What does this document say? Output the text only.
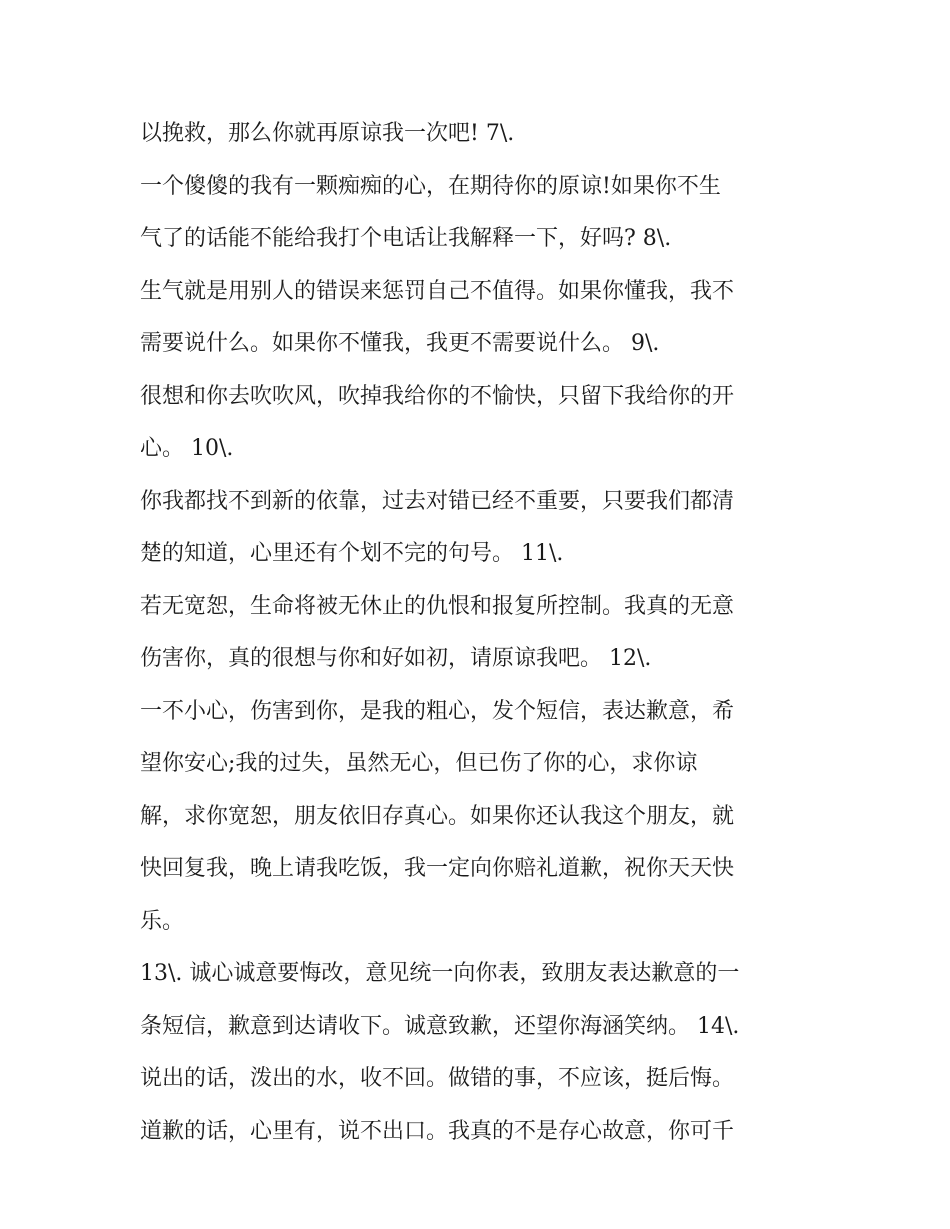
以挽救，那么你就再原谅我一次吧! 7\.
一个傻傻的我有一颗痴痴的心，在期待你的原谅!如果你不生
气了的话能不能给我打个电话让我解释一下，好吗? 8\.
生气就是用别人的错误来惩罚自己不值得。如果你懂我，我不
需要说什么。如果你不懂我，我更不需要说什么。 9\.
很想和你去吹吹风，吹掉我给你的不愉快，只留下我给你的开
心。 10\.
你我都找不到新的依靠，过去对错已经不重要，只要我们都清
楚的知道，心里还有个划不完的句号。 11\.
若无宽恕，生命将被无休止的仇恨和报复所控制。我真的无意
伤害你，真的很想与你和好如初，请原谅我吧。 12\.
一不小心，伤害到你，是我的粗心，发个短信，表达歉意，希
望你安心;我的过失，虽然无心，但已伤了你的心，求你谅
解，求你宽恕，朋友依旧存真心。如果你还认我这个朋友，就
快回复我，晚上请我吃饭，我一定向你赔礼道歉，祝你天天快
乐。
13\. 诚心诚意要悔改，意见统一向你表，致朋友表达歉意的一
条短信，歉意到达请收下。诚意致歉，还望你海涵笑纳。 14\.
说出的话，泼出的水，收不回。做错的事，不应该，挺后悔。
道歉的话，心里有，说不出口。我真的不是存心故意，你可千
